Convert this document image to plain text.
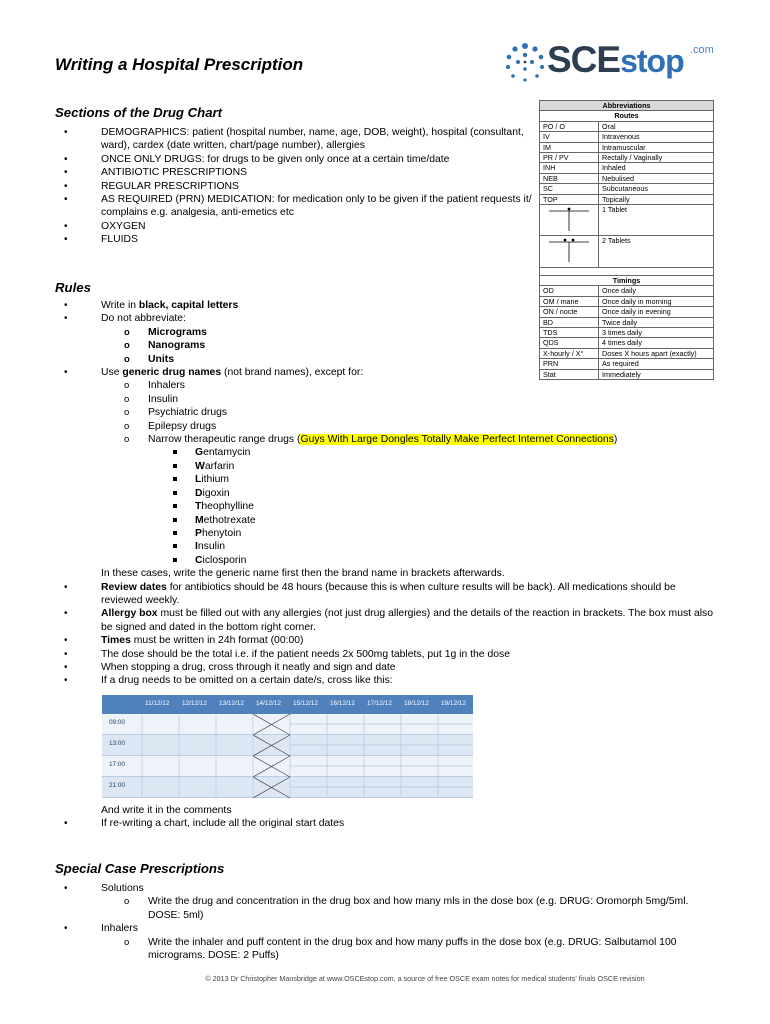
Writing a Hospital Prescription	SCEstop .com
Sections of the Drug Chart
• DEMOGRAPHICS: patient (hospital number, name, age, DOB, weight), hospital (consultant, ward), cardex (date written, chart/page number), allergies
• ONCE ONLY DRUGS: for drugs to be given only once at a certain time/date
• ANTIBIOTIC PRESCRIPTIONS
• REGULAR PRESCRIPTIONS
• AS REQUIRED (PRN) MEDICATION: for medication only to be given if the patient requests it/ complains e.g. analgesia, anti-emetics etc
• OXYGEN
• FLUIDS
Abbreviations	
Routes	
PO / O	Oral
IV	Intravenous
IM	Intramuscular
PR / PV	Rectally / Vaginally
INH	Inhaled
NEB	Nebulised
SC	Subcutaneous
TOP	Topically
	1 Tablet
	2 Tablets

Timings	
OD	Once daily
OM / mane	Once daily in morning
ON / nocte	Once daily in evening
BD	Twice daily
TDS	3 times daily
QDS	4 times daily
X-hourly / X°	Doses X hours apart (exactly)
PRN	As required
Stat	Immediately
Rules
• Write in black, capital letters
• Do not abbreviate:
o Micrograms
o Nanograms
o Units
• Use generic drug names (not brand names), except for:
o Inhalers
o Insulin
o Psychiatric drugs
o Epilepsy drugs
o Narrow therapeutic range drugs (Guys With Large Dongles Totally Make Perfect Internet Connections)
Gentamycin
Warfarin
Lithium
Digoxin
Theophylline
Methotrexate
Phenytoin
Insulin
Ciclosporin
In these cases, write the generic name first then the brand name in brackets afterwards.
• Review dates for antibiotics should be 48 hours (because this is when culture results will be back). All medications should be reviewed weekly.
• Allergy box must be filled out with any allergies (not just drug allergies) and the details of the reaction in brackets. The box must also be signed and dated in the bottom right corner.
• Times must be written in 24h format (00:00)
• The dose should be the total i.e. if the patient needs 2x 500mg tablets, put 1g in the dose
• When stopping a drug, cross through it neatly and sign and date
• If a drug needs to be omitted on a certain date/s, cross like this:
11/12/12 12/12/12 13/12/12 14/12/12 15/12/12 16/12/12 17/12/12 18/12/12 19/12/12
09:00
13:00
17:00
21:00
And write it in the comments
• If re-writing a chart, include all the original start dates
Special Case Prescriptions
• Solutions
o Write the drug and concentration in the drug box and how many mls in the dose box (e.g. DRUG: Oromorph 5mg/5ml. DOSE: 5ml)
• Inhalers
o Write the inhaler and puff content in the drug box and how many puffs in the dose box (e.g. DRUG: Salbutamol 100 micrograms. DOSE: 2 Puffs)
© 2013 Dr Christopher Mansbridge at www.OSCEstop.com, a source of free OSCE exam notes for medical students' finals OSCE revision
